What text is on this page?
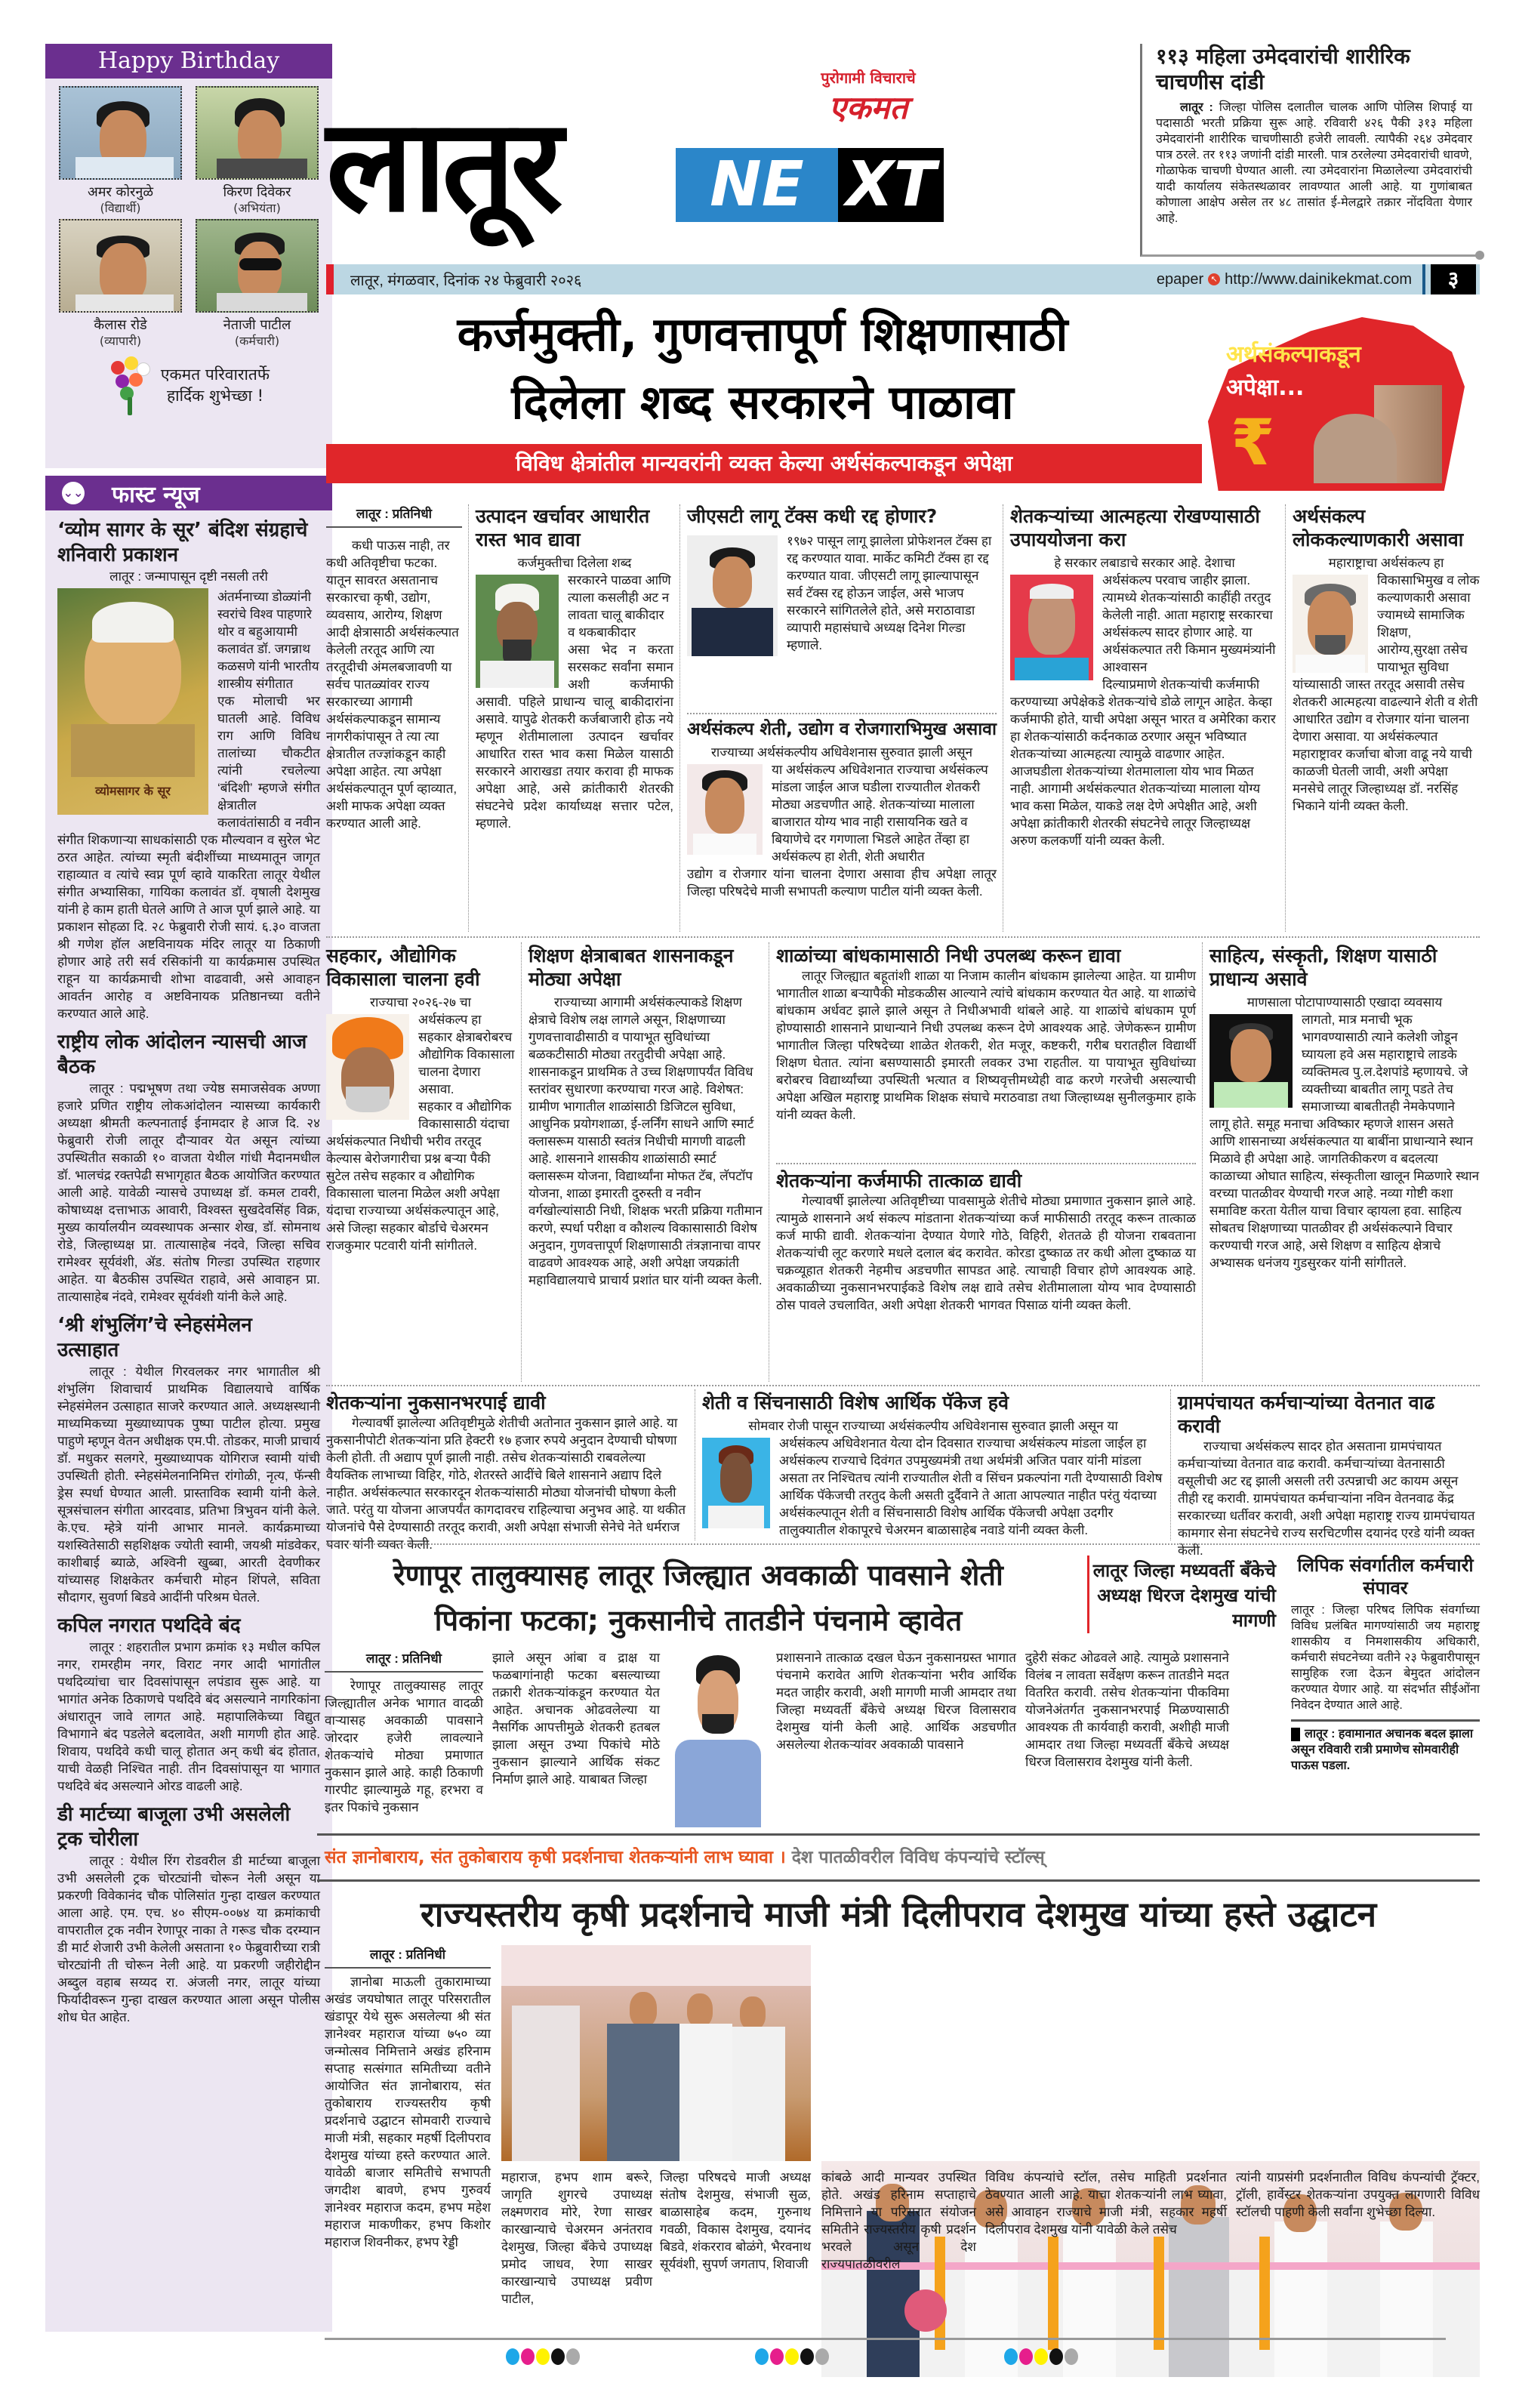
Happy Birthday
अमर कोरनुळे
(विद्यार्थी)
किरण दिवेकर
(अभियंता)
कैलास रोडे
(व्यापारी)
नेताजी पाटील
(कर्मचारी)
एकमत परिवारातर्फे
हार्दिक शुभेच्छा !
⌄⌄ फास्ट न्यूज
‘व्योम सागर के सूर’ बंदिश संग्रहाचे शनिवारी प्रकाशन

लातूर : जन्मापासून दृष्टी नसली तरी

व्योमसागर के सूर

अंतर्मनाच्या डोळ्यांनी स्वरांचे विश्व पाहणारे थोर व बहुआयामी कलावंत डॉ. जगन्नाथ कळसणे यांनी भारतीय शास्त्रीय संगीतात

एक मोलाची भर घातली आहे. विविध राग आणि विविध तालांच्या चौकटीत त्यांनी रचलेल्या ‘बंदिशी’ म्हणजे संगीत क्षेत्रातील कलावंतांसाठी व नवीन संगीत शिकणाऱ्या साधकांसाठी एक मौल्यवान व सुरेल भेट ठरत आहेत. त्यांच्या स्मृती बंदीशींच्या माध्यमातून जागृत राहाव्यात व त्यांचे स्वप्न पूर्ण व्हावे याकरिता लातूर येथील संगीत अभ्यासिका, गायिका कलावंत डॉ. वृषाली देशमुख यांनी हे काम हाती घेतले आणि ते आज पूर्ण झाले आहे. या प्रकाशन सोहळा दि. २८ फेब्रुवारी रोजी सायं. ६.३० वाजता श्री गणेश हॉल अष्टविनायक मंदिर लातूर या ठिकाणी होणार आहे तरी सर्व रसिकांनी या कार्यक्रमास उपस्थित राहून या कार्यक्रमाची शोभा वाढवावी, असे आवाहन आवर्तन आरोह व अष्टविनायक प्रतिष्ठानच्या वतीने करण्यात आले आहे.

राष्ट्रीय लोक आंदोलन न्यासची आज बैठक

लातूर : पद्मभूषण तथा ज्येष्ठ समाजसेवक अण्णा हजारे प्रणित राष्ट्रीय लोकआंदोलन न्यासच्या कार्यकारी अध्यक्षा श्रीमती कल्पनाताई ईनामदार हे आज दि. २४ फेब्रुवारी रोजी लातूर दौऱ्यावर येत असून त्यांच्या उपस्थितीत सकाळी १० वाजता येथील गांधी मैदानमधील डॉ. भालचंद्र रक्तपेढी सभागृहात बैठक आयोजित करण्यात आली आहे. यावेळी न्यासचे उपाध्यक्ष डॉ. कमल टावरी, कोषाध्यक्ष दत्ताभाऊ आवारी, विश्वस्त सुखदेवसिंह विक्र, मुख्य कार्यालयीन व्यवस्थापक अन्सार शेख, डॉ. सोमनाथ रोडे, जिल्हाध्यक्ष प्रा. तात्यासाहेब नंदवे, जिल्हा सचिव रामेश्वर सूर्यवंशी, ॲड. संतोष गिल्डा उपस्थित राहणार आहेत. या बैठकीस उपस्थित राहावे, असे आवाहन प्रा. तात्यासाहेब नंदवे, रामेश्वर सूर्यवंशी यांनी केले आहे.

‘श्री शंभुलिंग’चे स्नेहसंमेलन उत्साहात

लातूर : येथील गिरवलकर नगर भागातील श्री शंभुलिंग शिवाचार्य प्राथमिक विद्यालयाचे वार्षिक स्नेहसंमेलन उत्साहात साजरे करण्यात आले. अध्यक्षस्थानी माध्यमिकच्या मुख्याध्यापक पुष्पा पाटील होत्या. प्रमुख पाहुणे म्हणून वेतन अधीक्षक एम.पी. तोडकर, माजी प्राचार्य डॉ. मधुकर सलगरे, मुख्याध्यापक योगिराज स्वामी यांची उपस्थिती होती. स्नेहसंमेलनानिमित्त रांगोळी, नृत्य, फॅन्सी ड्रेस स्पर्धा घेण्यात आली. प्रास्ताविक स्वामी यांनी केले. सूत्रसंचालन संगीता आरदवाड, प्रतिभा त्रिभुवन यांनी केले. के.एच. म्हेत्रे यांनी आभार मानले. कार्यक्रमाच्या यशस्वितेसाठी सहशिक्षक ज्योती स्वामी, जयश्री मांडवेकर, काशीबाई ब्याळे, अश्विनी खुब्बा, आरती देवणीकर यांच्यासह शिक्षकेतर कर्मचारी मोहन शिंपले, सविता सौदागर, सुवर्णा बिडवे आदींनी परिश्रम घेतले.

कपिल नगरात पथदिवे बंद

लातूर : शहरातील प्रभाग क्रमांक १३ मधील कपिल नगर, रामरहीम नगर, विराट नगर आदी भागांतील पथदिव्यांचा चार दिवसांपासून लपंडाव सुरू आहे. या भागांत अनेक ठिकाणचे पथदिवे बंद असल्याने नागरिकांना अंधारातून जावे लागत आहे. महापालिकेच्या विद्युत विभागाने बंद पडलेले बदलावेत, अशी मागणी होत आहे. शिवाय, पथदिवे कधी चालू होतात अन् कधी बंद होतात, याची वेळही निश्चित नाही. तीन दिवसांपासून या भागात पथदिवे बंद असल्याने ओरड वाढली आहे.

डी मार्टच्या बाजूला उभी असलेली ट्रक चोरीला

लातूर : येथील रिंग रोडवरील डी मार्टच्या बाजूला उभी असलेली ट्रक चोरट्यांनी चोरून नेली असून या प्रकरणी विवेकानंद चौक पोलिसांत गुन्हा दाखल करण्यात आला आहे. एम. एच. ४० सीएम-००७४ या क्रमांकाची वापरातील ट्रक नवीन रेणापूर नाका ते गरूड चौक दरम्यान डी मार्ट शेजारी उभी केलेली असताना १० फेब्रुवारीच्या रात्री चोरट्यांनी ती चोरून नेली आहे. या प्रकरणी जहीरोद्दीन अब्दुल वहाब सय्यद रा. अंजली नगर, लातूर यांच्या फिर्यादीवरून गुन्हा दाखल करण्यात आला असून पोलीस शोध घेत आहेत.

लातूर
पुरोगामी विचाराचे
एकमत
NE XT
११३ महिला उमेदवारांची शारीरिक चाचणीस दांडी

लातूर : जिल्हा पोलिस दलातील चालक आणि पोलिस शिपाई या पदासाठी भरती प्रक्रिया सुरू आहे. रविवारी ४२६ पैकी ३१३ महिला उमेदवारांनी शारीरिक चाचणीसाठी हजेरी लावली. त्यापैकी २६४ उमेदवार पात्र ठरले. तर ११३ जणांनी दांडी मारली. पात्र ठरलेल्या उमेदवारांची धावणे, गोळाफेक चाचणी घेण्यात आली. त्या उमेदवारांना मिळालेल्या उमेदवारांची यादी कार्यालय संकेतस्थळावर लावण्यात आली आहे. या गुणांबाबत कोणाला आक्षेप असेल तर ४८ तासांत ई-मेलद्वारे तक्रार नोंदविता येणार आहे.

लातूर, मंगळवार, दिनांक २४ फेब्रुवारी २०२६	epaper ↖ http://www.dainikekmat.com	३
कर्जमुक्ती, गुणवत्तापूर्ण शिक्षणासाठी
दिलेला शब्द सरकारने पाळावा
विविध क्षेत्रांतील मान्यवरांनी व्यक्त केल्या अर्थसंकल्पाकडून अपेक्षा
अर्थसंकल्पाकडून
अपेक्षा...
₹
लातूर : प्रतिनिधी

कधी पाऊस नाही, तर कधी अतिवृष्टीचा फटका. यातून सावरत असतानाच सरकारचा कृषी, उद्योग, व्यवसाय, आरोग्य, शिक्षण आदी क्षेत्रासाठी अर्थसंकल्पात केलेली तरतूद आणि त्या तरतूदीची अंमलबजावणी या सर्वच पातळ्यांवर राज्य सरकारच्या आगामी अर्थसंकल्पाकडून सामान्य नागरीकांपासून ते त्या त्या क्षेत्रातील तज्ज्ञांकडून काही अपेक्षा आहेत. त्या अपेक्षा अर्थसंकल्पातून पूर्ण व्हाव्यात, अशी माफक अपेक्षा व्यक्त करण्यात आली आहे.

उत्पादन खर्चावर आधारीत रास्त भाव द्यावा
कर्जमुक्तीचा दिलेला शब्द

सरकारने पाळवा आणि त्याला कसलीही अट न लावता चालू बाकीदार व थकबाकीदार

असा भेद न करता सरसकट सर्वांना समान अशी कर्जमाफी असावी. पहिले प्राधान्य चालू बाकीदारांना असावे. यापुढे शेतकरी कर्जबाजारी होऊ नये म्हणून शेतीमालाला उत्पादन खर्चावर आधारित रास्त भाव कसा मिळेल यासाठी सरकारने आराखडा तयार करावा ही माफक अपेक्षा आहे, असे क्रांतीकारी शेतरकी संघटनेचे प्रदेश कार्याध्यक्ष सत्तार पटेल, म्हणाले.

जीएसटी लागू टॅक्स कधी रद्द होणार?

१९७२ पासून लागू झालेला प्रोफेशनल टॅक्स हा रद्द करण्यात यावा. मार्केट कमिटी टॅक्स हा रद्द करण्यात यावा. जीएसटी लागू झाल्यापासून सर्व टॅक्स रद्द होऊन जाईल, असे भाजप सरकारने सांगितलेले होते, असे मराठावाडा व्यापारी महासंघाचे अध्यक्ष दिनेश गिल्डा म्हणाले.

अर्थसंकल्प शेती, उद्योग व रोजगाराभिमुख असावा
राज्याच्या अर्थसंकल्पीय अधिवेशनास सुरुवात झाली असून

या अर्थसंकल्प अधिवेशनात राज्याचा अर्थसंकल्प मांडला जाईल आज घडीला राज्यातील शेतकरी मोठ्या अडचणीत आहे. शेतकऱ्यांच्या मालाला बाजारात योग्य भाव नाही रासायनिक खते व बियाणेचे दर गगणाला भिडले आहेत तेंव्हा हा अर्थसंकल्प हा शेती, शेती अधारीत

उद्योग व रोजगार यांना चालना देणारा असावा हीच अपेक्षा लातूर जिल्हा परिषदेचे माजी सभापती कल्याण पाटील यांनी व्यक्त केली.

शेतकऱ्यांच्या आत्महत्या रोखण्यासाठी उपाययोजना करा
हे सरकार लबाडाचे सरकार आहे. देशाचा

अर्थसंकल्प परवाच जाहीर झाला. त्यामध्ये शेतकऱ्यांसाठी काहींही तरतुद केलेली नाही. आता महाराष्ट्र सरकारचा अर्थसंकल्प सादर होणार आहे. या अर्थसंकल्पात तरी किमान मुख्यमंत्र्यांनी आश्वासन

दिल्याप्रमाणे शेतकऱ्यांची कर्जमाफी करण्याच्या अपेक्षेकडे शेतकऱ्यांचे डोळे लागून आहेत. केव्हा कर्जमाफी होते, याची अपेक्षा असून भारत व अमेरिका करार हा शेतकऱ्यांसाठी कर्दनकाळ ठरणार असून भविष्यात शेतकऱ्यांच्या आत्महत्या त्यामुळे वाढणार आहेत. आजघडीला शेतकऱ्यांच्या शेतमालाला योय भाव मिळत नाही. आगामी अर्थसंकल्पात शेतकऱ्यांच्या मालाला योग्य भाव कसा मिळेल, याकडे लक्ष देणे अपेक्षीत आहे, अशी अपेक्षा क्रांतीकारी शेतरकी संघटनेचे लातूर जिल्हाध्यक्ष अरुण कलकर्णी यांनी व्यक्त केली.

अर्थसंकल्प लोककल्याणकारी असावा
महाराष्ट्राचा अर्थसंकल्प हा

विकासाभिमुख व लोक कल्याणकारी असावा ज्यामध्ये सामाजिक शिक्षण,

आरोग्य,सुरक्षा तसेच पायाभूत सुविधा यांच्यासाठी जास्त तरतूद असावी तसेच शेतकरी आत्महत्या वाढल्याने शेती व शेती आधारित उद्योग व रोजगार यांना चालना देणारा असावा. या अर्थसंकल्पात महाराष्ट्रावर कर्जाचा बोजा वाढू नये याची काळजी घेतली जावी, अशी अपेक्षा मनसेचे लातूर जिल्हाध्यक्ष डॉ. नरसिंह भिकाने यांनी व्यक्त केली.

सहकार, औद्योगिक विकासाला चालना हवी
राज्याचा २०२६-२७ चा

अर्थसंकल्प हा सहकार क्षेत्राबरोबरच औद्योगिक विकासाला चालना देणारा असावा.

सहकार व औद्योगिक विकासासाठी यंदाचा अर्थसंकल्पात निधीची भरीव तरतूद केल्यास बेरोजगारीचा प्रश्न बऱ्या पैकी सुटेल तसेच सहकार व औद्योगिक विकासाला चालना मिळेल अशी अपेक्षा यंदाचा राज्याच्या अर्थसंकल्पातून आहे, असे जिल्हा सहकार बोर्डाचे चेअरमन राजकुमार पटवारी यांनी सांगीतले.

शिक्षण क्षेत्राबाबत शासनाकडून मोठ्या अपेक्षा

राज्याच्या आगामी अर्थसंकल्पाकडे शिक्षण क्षेत्राचे विशेष लक्ष लागले असून, शिक्षणाच्या गुणवत्तावाढीसाठी व पायाभूत सुविधांच्या बळकटीसाठी मोठ्या तरतुदीची अपेक्षा आहे. शासनाकडून प्राथमिक ते उच्च शिक्षणापर्यंत विविध स्तरांवर सुधारणा करण्याचा गरज आहे. विशेषत: ग्रामीण भागातील शाळांसाठी डिजिटल सुविधा, आधुनिक प्रयोगशाळा, ई-लर्निंग साधने आणि स्मार्ट क्लासरूम यासाठी स्वतंत्र निधीची मागणी वाढली आहे. शासनाने शासकीय शाळांसाठी स्मार्ट क्लासरूम योजना, विद्यार्थ्यांना मोफत टॅब, लॅपटॉप योजना, शाळा इमारती दुरुस्ती व नवीन वर्गखोल्यांसाठी निधी, शिक्षक भरती प्रक्रिया गतीमान करणे, स्पर्धा परीक्षा व कौशल्य विकासासाठी विशेष अनुदान, गुणवत्तापूर्ण शिक्षणासाठी तंत्रज्ञानाचा वापर वाढवणे आवश्यक आहे, अशी अपेक्षा जयक्रांती महाविद्यालयाचे प्राचार्य प्रशांत घार यांनी व्यक्त केली.

शाळांच्या बांधकामासाठी निधी उपलब्ध करून द्यावा

लातूर जिल्ह्यात बहूतांशी शाळा या निजाम कालीन बांधकाम झालेल्या आहेत. या ग्रामीण भागातील शाळा बऱ्यापैकी मोडकळीस आल्याने त्यांचे बांधकाम करण्यात येत आहे. या शाळांचे बांधकाम अर्धवट झाले झाले असून ते निधीअभावी थांबले आहे. या शाळांचे बांधकाम पूर्ण होण्यासाठी शासनाने प्राधान्याने निधी उपलब्ध करून देणे आवश्यक आहे. जेणेकरून ग्रामीण भागातील जिल्हा परिषदेच्या शाळेत शेतकरी, शेत मजूर, कष्टकरी, गरीब घरातहील विद्यार्थी शिक्षण घेतात. त्यांना बसण्यासाठी इमारती लवकर उभा राहतील. या पायाभूत सुविधांच्या बरोबरच विद्यार्थ्यांच्या उपस्थिती भत्यात व शिष्यवृत्तीमध्येही वाढ करणे गरजेची असल्याची अपेक्षा अखिल महाराष्ट्र प्राथमिक शिक्षक संघाचे मराठवाडा तथा जिल्हाध्यक्ष सुनीलकुमार हाके यांनी व्यक्त केली.

शेतकऱ्यांना कर्जमाफी तात्काळ द्यावी

गेल्यावर्षी झालेल्या अतिवृष्टीच्या पावसामुळे शेतीचे मोठ्या प्रमाणात नुकसान झाले आहे. त्यामुळे शासनाने अर्थ संकल्प मांडताना शेतकऱ्यांच्या कर्ज माफीसाठी तरतूद करून तात्काळ कर्ज माफी द्यावी. शेतकऱ्यांना देण्यात येणारे गोठे, विहिरी, शेततळे ही योजना राबवताना शेतकऱ्यांची लूट करणारे मधले दलाल बंद करावेत. कोरडा दुष्काळ तर कधी ओला दुष्काळ या चक्रव्यूहात शेतकरी नेहमीच अडचणीत सापडत आहे. त्याचाही विचार होणे आवश्यक आहे. अवकाळीच्या नुकसानभरपाईकडे विशेष लक्ष द्यावे तसेच शेतीमालाला योग्य भाव देण्यासाठी ठोस पावले उचलावित, अशी अपेक्षा शेतकरी भागवत पिसाळ यांनी व्यक्त केली.

साहित्य, संस्कृती, शिक्षण यासाठी प्राधान्य असावे
माणसाला पोटापाण्यासाठी एखादा व्यवसाय

लागतो, मात्र मनाची भूक भागवण्यासाठी त्याने कलेशी जोडून घ्यायला हवे अस महाराष्ट्राचे लाडके व्यक्तिमत्व पु.ल.देशपांडे म्हणायचे. जे व्यक्तीच्या बाबतीत लागू पडते तेच समाजाच्या बाबतीतही नेमकेपणाने

लागू होते. समूह मनाचा अविष्कार म्हणजे शासन असते आणि शासनाच्या अर्थसंकल्पात या बाबींना प्राधान्याने स्थान मिळावे ही अपेक्षा आहे. जागतिकीकरण व बदलत्या काळाच्या ओघात साहित्य, संस्कृतीला खालून मिळणारे स्थान वरच्या पातळीवर येण्याची गरज आहे. नव्या गोष्टी कशा समाविष्ट करता येतील याचा विचार व्हायला हवा. साहित्य सोबतच शिक्षणाच्या पातळीवर ही अर्थसंकल्पाने विचार करण्याची गरज आहे, असे शिक्षण व साहित्य क्षेत्राचे अभ्यासक धनंजय गुडसुरकर यांनी सांगीतले.

शेतकऱ्यांना नुकसानभरपाई द्यावी

गेल्यावर्षी झालेल्या अतिवृष्टीमुळे शेतीची अतोनात नुकसान झाले आहे. या नुकसानीपोटी शेतकऱ्यांना प्रति हेक्टरी १७ हजार रुपये अनुदान देण्याची घोषणा केली होती. ती अद्याप पूर्ण झाली नाही. तसेच शेतकऱ्यांसाठी राबवलेल्या वैयक्तिक लाभाच्या विहिर, गोठे, शेतरस्ते आदींचे बिले शासनाने अद्याप दिले नाहीत. अर्थसंकल्पात सरकारदून शेतकऱ्यांसाठी मोठ्या योजनांची घोषणा केली जाते. परंतु या योजना आजपर्यंत कागदावरच राहिल्याचा अनुभव आहे. या थकीत योजनांचे पैसे देण्यासाठी तरतूद करावी, अशी अपेक्षा संभाजी सेनेचे नेते धर्मराज पवार यांनी व्यक्त केली.

शेती व सिंचनासाठी विशेष आर्थिक पॅकेज हवे
सोमवार रोजी पासून राज्याच्या अर्थसंकल्पीय अधिवेशनास सुरुवात झाली असून या

अर्थसंकल्प अधिवेशनात येत्या दोन दिवसात राज्याचा अर्थसंकल्प मांडला जाईल हा अर्थसंकल्प राज्याचे दिवंगत उपमुख्यमंत्री तथा अर्थमंत्री अजित पवार यांनी मांडला असता तर निश्चितच त्यांनी राज्यातील शेती व सिंचन प्रकल्पांना गती देण्यासाठी विशेष आर्थिक पॅकेजची तरतुद केली असती दुर्दैवाने ते आता आपल्यात नाहीत परंतु यंदाच्या अर्थसंकल्पातून शेती व सिंचनासाठी विशेष आर्थिक पॅकेजची अपेक्षा उदगीर तालुक्यातील शेकापूरचे चेअरमन बाळासाहेब नवाडे यांनी व्यक्त केली.

ग्रामपंचायत कर्मचाऱ्यांच्या वेतनात वाढ करावी

राज्याचा अर्थसंकल्प सादर होत असताना ग्रामपंचायत कर्मचाऱ्यांच्या वेतनात वाढ करावी. कर्मचाऱ्यांच्या वेतनासाठी वसूलीची अट रद्द झाली असली तरी उत्पन्नाची अट कायम असून तीही रद्द करावी. ग्रामपंचायत कर्मचाऱ्यांना नविन वेतनवाढ केंद्र सरकारच्या धर्तीवर करावी, अशी अपेक्षा महाराष्ट्र राज्य ग्रामपंचायत कामगार सेना संघटनेचे राज्य सरचिटणीस दयानंद एरडे यांनी व्यक्त केली.

रेणापूर तालुक्यासह लातूर जिल्ह्यात अवकाळी पावसाने शेती
पिकांना फटका; नुकसानीचे तातडीने पंचनामे व्हावेत
लातूर जिल्हा मध्यवर्ती बँकेचे अध्यक्ष धिरज देशमुख यांची मागणी
लातूर : प्रतिनिधी

रेणापूर तालुक्यासह लातूर जिल्ह्यातील अनेक भागात वादळी वाऱ्यासह अवकाळी पावसाने जोरदार हजेरी लावल्याने शेतकऱ्यांचे मोठ्या प्रमाणात नुकसान झाले आहे. काही ठिकाणी गारपीट झाल्यामुळे गहू, हरभरा व इतर पिकांचे नुकसान

झाले असून आंबा व द्राक्ष या फळबागांनाही फटका बसल्याच्या तक्रारी शेतकऱ्यांकडून करण्यात येत आहेत. अचानक ओढवलेल्या या नैसर्गिक आपत्तीमुळे शेतकरी हतबल झाला असून उभ्या पिकांचे मोठे नुकसान झाल्याने आर्थिक संकट निर्माण झाले आहे. याबाबत जिल्हा

प्रशासनाने तात्काळ दखल घेऊन नुकसानग्रस्त भागात पंचनामे करावेत आणि शेतकऱ्यांना भरीव आर्थिक मदत जाहीर करावी, अशी मागणी माजी आमदार तथा जिल्हा मध्यवर्ती बँकेचे अध्यक्ष धिरज विलासराव देशमुख यांनी केली आहे. आर्थिक अडचणीत असलेल्या शेतकऱ्यांवर अवकाळी पावसाने

दुहेरी संकट ओढवले आहे. त्यामुळे प्रशासनाने विलंब न लावता सर्वेक्षण करून तातडीने मदत वितरित करावी. तसेच शेतकऱ्यांना पीकविमा योजनेअंतर्गत नुकसानभरपाई मिळण्यासाठी आवश्यक ती कार्यवाही करावी, अशीही माजी आमदार तथा जिल्हा मध्यवर्ती बँकेचे अध्यक्ष धिरज विलासराव देशमुख यांनी केली.

लिपिक संवर्गातील कर्मचारी संपावर

लातूर : जिल्हा परिषद लिपिक संवर्गाच्या विविध प्रलंबित मागण्यांसाठी जय महाराष्ट्र शासकीय व निमशासकीय अधिकारी, कर्मचारी संघटनेच्या वतीने २३ फेब्रुवारीपासून सामुहिक रजा देऊन बेमुदत आंदोलन करण्यात येणार आहे. या संदर्भात सीईओंना निवेदन देण्यात आले आहे.

लातूर : हवामानात अचानक बदल झाला असून रविवारी रात्री प्रमाणेच सोमवारीही पाऊस पडला.
संत ज्ञानोबाराय, संत तुकोबाराय कृषी प्रदर्शनाचा शेतकऱ्यांनी लाभ घ्यावा । देश पातळीवरील विविध कंपन्यांचे स्टॉल्स्
राज्यस्तरीय कृषी प्रदर्शनाचे माजी मंत्री दिलीपराव देशमुख यांच्या हस्ते उद्घाटन
लातूर : प्रतिनिधी

ज्ञानोबा माऊली तुकारामाच्या अखंड जयघोषात लातूर परिसरातील खंडापूर येथे सुरू असलेल्या श्री संत ज्ञानेश्वर महाराज यांच्या ७५० व्या जन्मोत्सव निमित्ताने अखंड हरिनाम सप्ताह सत्संगात समितीच्या वतीने आयोजित संत ज्ञानोबाराय, संत तुकोबाराय राज्यस्तरीय कृषी प्रदर्शनाचे उद्घाटन सोमवारी राज्याचे माजी मंत्री, सहकार महर्षी दिलीपराव देशमुख यांच्या हस्ते करण्यात आले. यावेळी बाजार समितीचे सभापती जगदीश बावणे, हभप गुरुवर्य ज्ञानेश्वर महाराज कदम, हभप महेश महाराज माकणीकर, हभप किशोर महाराज शिवनीकर, हभप रेड्डी

महाराज, हभप शाम बरूरे, जागृति शुगरचे उपाध्यक्ष लक्ष्मणराव मोरे, रेणा साखर कारखान्याचे चेअरमन अनंतराव देशमुख, जिल्हा बँकेचे उपाध्यक्ष प्रमोद जाधव, रेणा साखर कारखान्याचे उपाध्यक्ष प्रवीण पाटील,

जिल्हा परिषदचे माजी अध्यक्ष संतोष देशमुख, संभाजी सुळ, बाळासाहेब कदम, गुरुनाथ गवळी, विकास देशमुख, दयानंद बिडवे, शंकरराव बोळंगे, भैरवनाथ सूर्यवंशी, सुपर्ण जगताप, शिवाजी

कांबळे आदी मान्यवर उपस्थित होते. अखंड हरिनाम सप्ताहाचे निमित्ताने या परिसरात संयोजन समितीने राज्यस्तरीय कृषी प्रदर्शन भरवले असून देश राज्यपातळीवरील

विविध कंपन्यांचे स्टॉल, तसेच माहिती प्रदर्शनात ठेवण्यात आली आहे. याचा शेतकऱ्यांनी लाभ घ्यावा, असे आवाहन राज्याचे माजी मंत्री, सहकार महर्षी दिलीपराव देशमुख यांनी यावेळी केले तसेच

त्यांनी याप्रसंगी प्रदर्शनातील विविध कंपन्यांची ट्रॅक्टर, ट्रॉली, हार्वेस्टर शेतकऱ्यांना उपयुक्त लागणारी विविध स्टॉलची पाहणी केली सर्वांना शुभेच्छा दिल्या.
